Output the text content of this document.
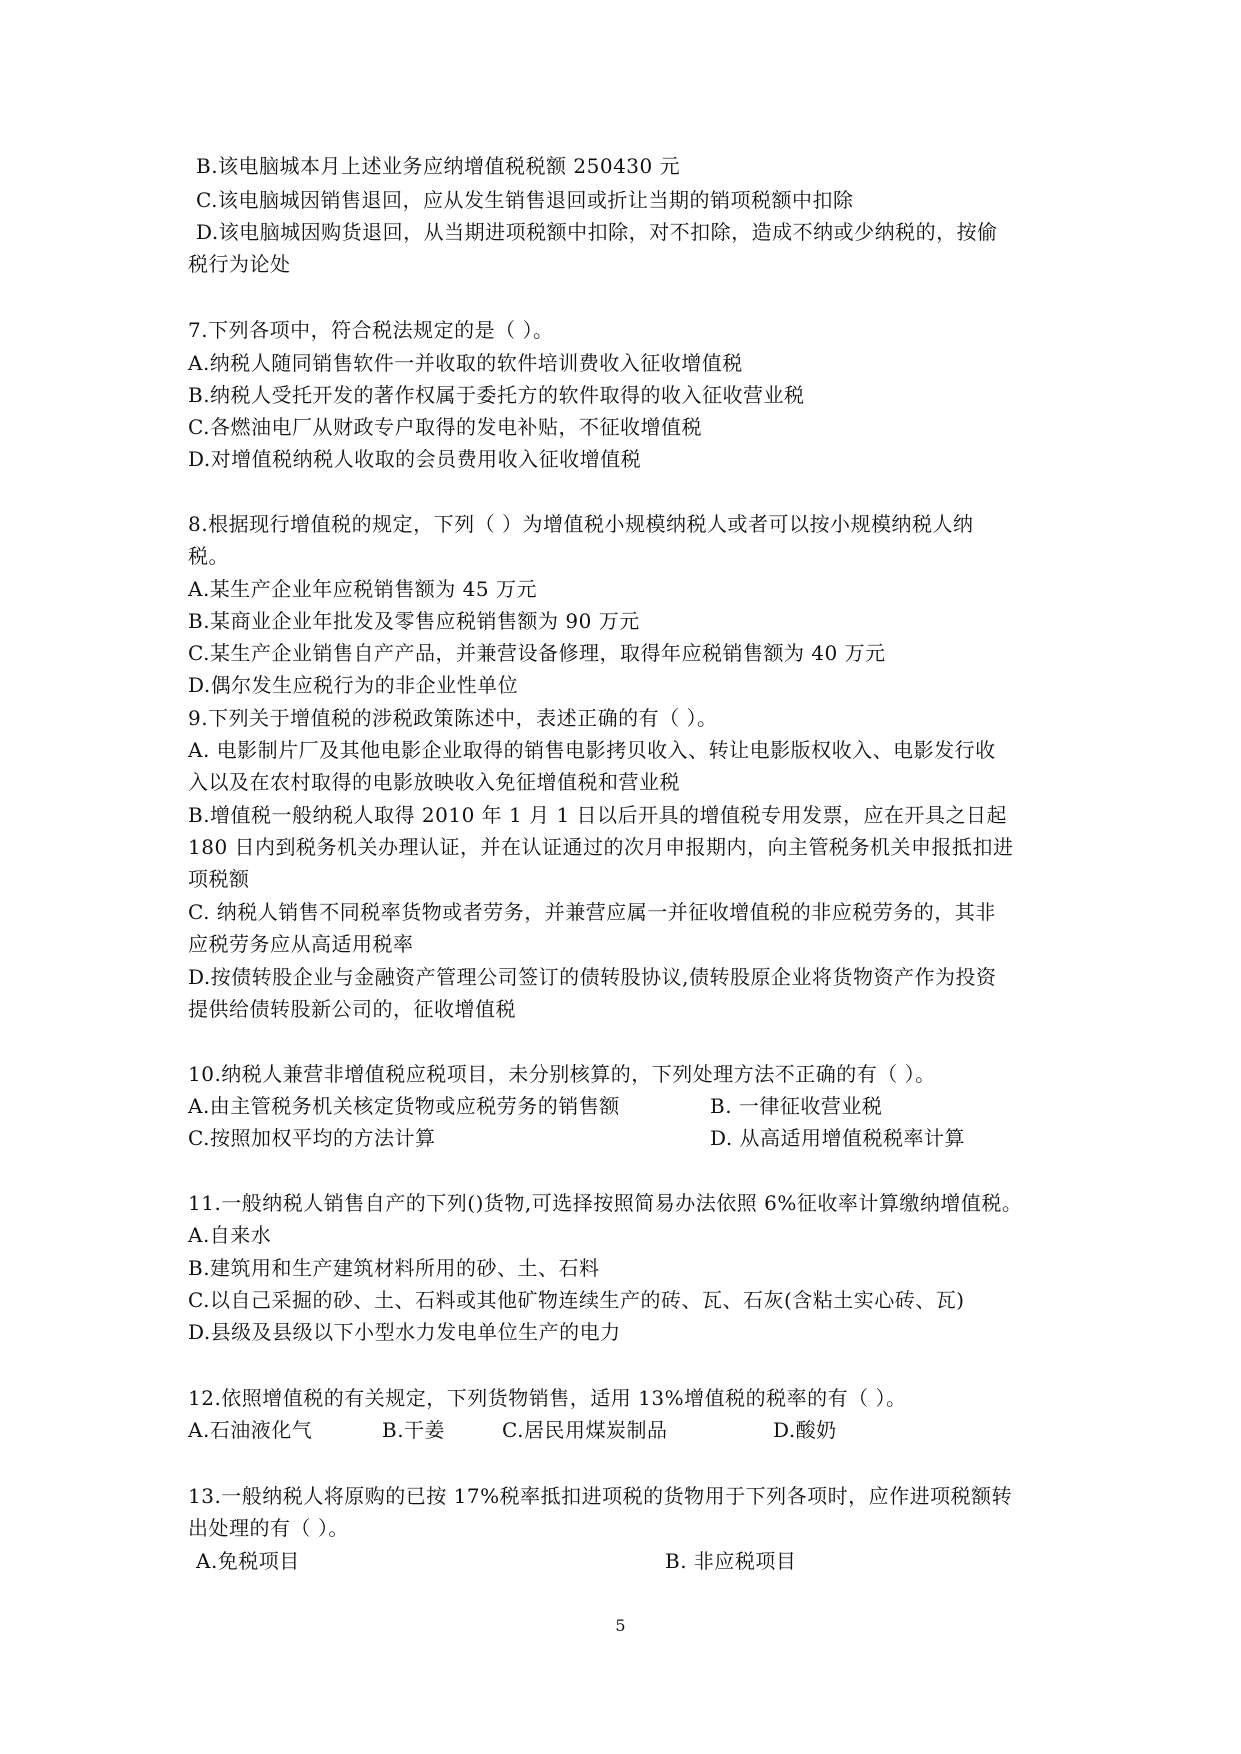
B.该电脑城本月上述业务应纳增值税税额 250430 元
C.该电脑城因销售退回，应从发生销售退回或折让当期的销项税额中扣除
D.该电脑城因购货退回，从当期进项税额中扣除，对不扣除，造成不纳或少纳税的，按偷
税行为论处
7.下列各项中，符合税法规定的是（ ）。
A.纳税人随同销售软件一并收取的软件培训费收入征收增值税
B.纳税人受托开发的著作权属于委托方的软件取得的收入征收营业税
C.各燃油电厂从财政专户取得的发电补贴，不征收增值税
D.对增值税纳税人收取的会员费用收入征收增值税
8.根据现行增值税的规定，下列（ ）为增值税小规模纳税人或者可以按小规模纳税人纳
税。
A.某生产企业年应税销售额为 45 万元
B.某商业企业年批发及零售应税销售额为 90 万元
C.某生产企业销售自产产品，并兼营设备修理，取得年应税销售额为 40 万元
D.偶尔发生应税行为的非企业性单位
9.下列关于增值税的涉税政策陈述中，表述正确的有（ ）。
A. 电影制片厂及其他电影企业取得的销售电影拷贝收入、转让电影版权收入、电影发行收
入以及在农村取得的电影放映收入免征增值税和营业税
B.增值税一般纳税人取得 2010 年 1 月 1 日以后开具的增值税专用发票，应在开具之日起
180 日内到税务机关办理认证，并在认证通过的次月申报期内，向主管税务机关申报抵扣进
项税额
C. 纳税人销售不同税率货物或者劳务，并兼营应属一并征收增值税的非应税劳务的，其非
应税劳务应从高适用税率
D.按债转股企业与金融资产管理公司签订的债转股协议,债转股原企业将货物资产作为投资
提供给债转股新公司的，征收增值税
10.纳税人兼营非增值税应税项目，未分别核算的，下列处理方法不正确的有（ ）。
A.由主管税务机关核定货物或应税劳务的销售额	B. 一律征收营业税
C.按照加权平均的方法计算	D. 从高适用增值税税率计算
11.一般纳税人销售自产的下列()货物,可选择按照简易办法依照 6%征收率计算缴纳增值税。
A.自来水
B.建筑用和生产建筑材料所用的砂、土、石料
C.以自己采掘的砂、土、石料或其他矿物连续生产的砖、瓦、石灰(含粘土实心砖、瓦)
D.县级及县级以下小型水力发电单位生产的电力
12.依照增值税的有关规定，下列货物销售，适用 13%增值税的税率的有（ ）。
A.石油液化气	B.干姜	C.居民用煤炭制品	D.酸奶
13.一般纳税人将原购的已按 17%税率抵扣进项税的货物用于下列各项时，应作进项税额转
出处理的有（ ）。
A.免税项目	B. 非应税项目
5
